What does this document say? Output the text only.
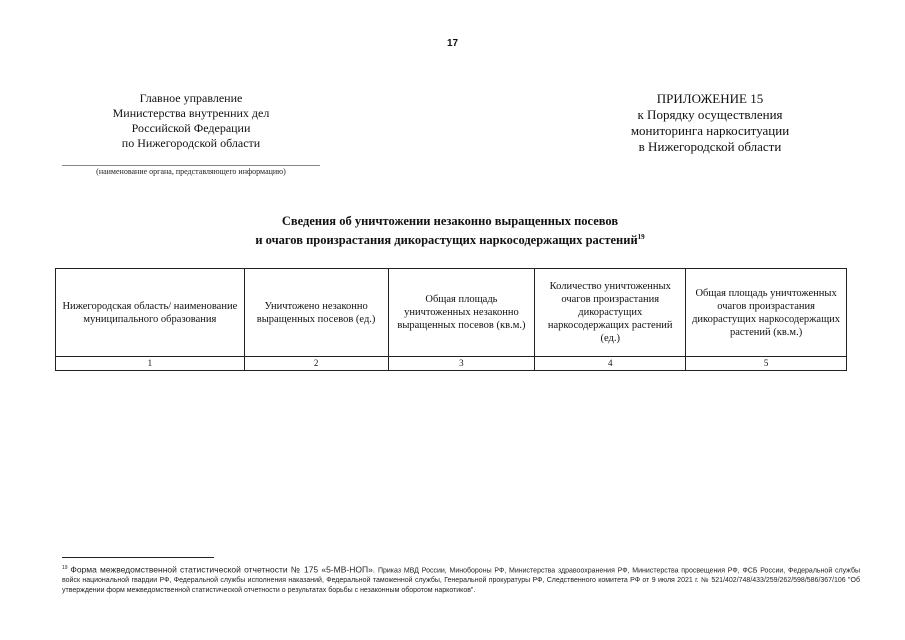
17
Главное управление
Министерства внутренних дел
Российской Федерации
по Нижегородской области
(наименование органа, представляющего информацию)
ПРИЛОЖЕНИЕ 15
к Порядку осуществления
мониторинга наркоситуации
в Нижегородской области
Сведения об уничтожении незаконно выращенных посевов
и очагов произрастания дикорастущих наркосодержащих растений$^{19}$
Нижегородская область/ наименование муниципального образования	Уничтожено незаконно выращенных посевов (ед.)	Общая площадь уничтоженных незаконно выращенных посевов (кв.м.)	Количество уничтоженных очагов произрастания дикорастущих наркосодержащих растений (ед.)	Общая площадь уничтоженных очагов произрастания дикорастущих наркосодержащих растений (кв.м.)
1	2	3	4	5
$^{19}$ Форма межведомственной статистической отчетности № 175 «5-МВ-НОП». Приказ МВД России, Минобороны РФ, Министерства здравоохранения РФ, Министерства просвещения РФ, ФСБ России, Федеральной службы войск национальной гвардии РФ, Федеральной службы исполнения наказаний, Федеральной таможенной службы, Генеральной прокуратуры РФ, Следственного комитета РФ от 9 июля 2021 г. № 521/402/748/433/259/262/598/586/367/106 "Об утверждении форм межведомственной статистической отчетности о результатах борьбы с незаконным оборотом наркотиков".
